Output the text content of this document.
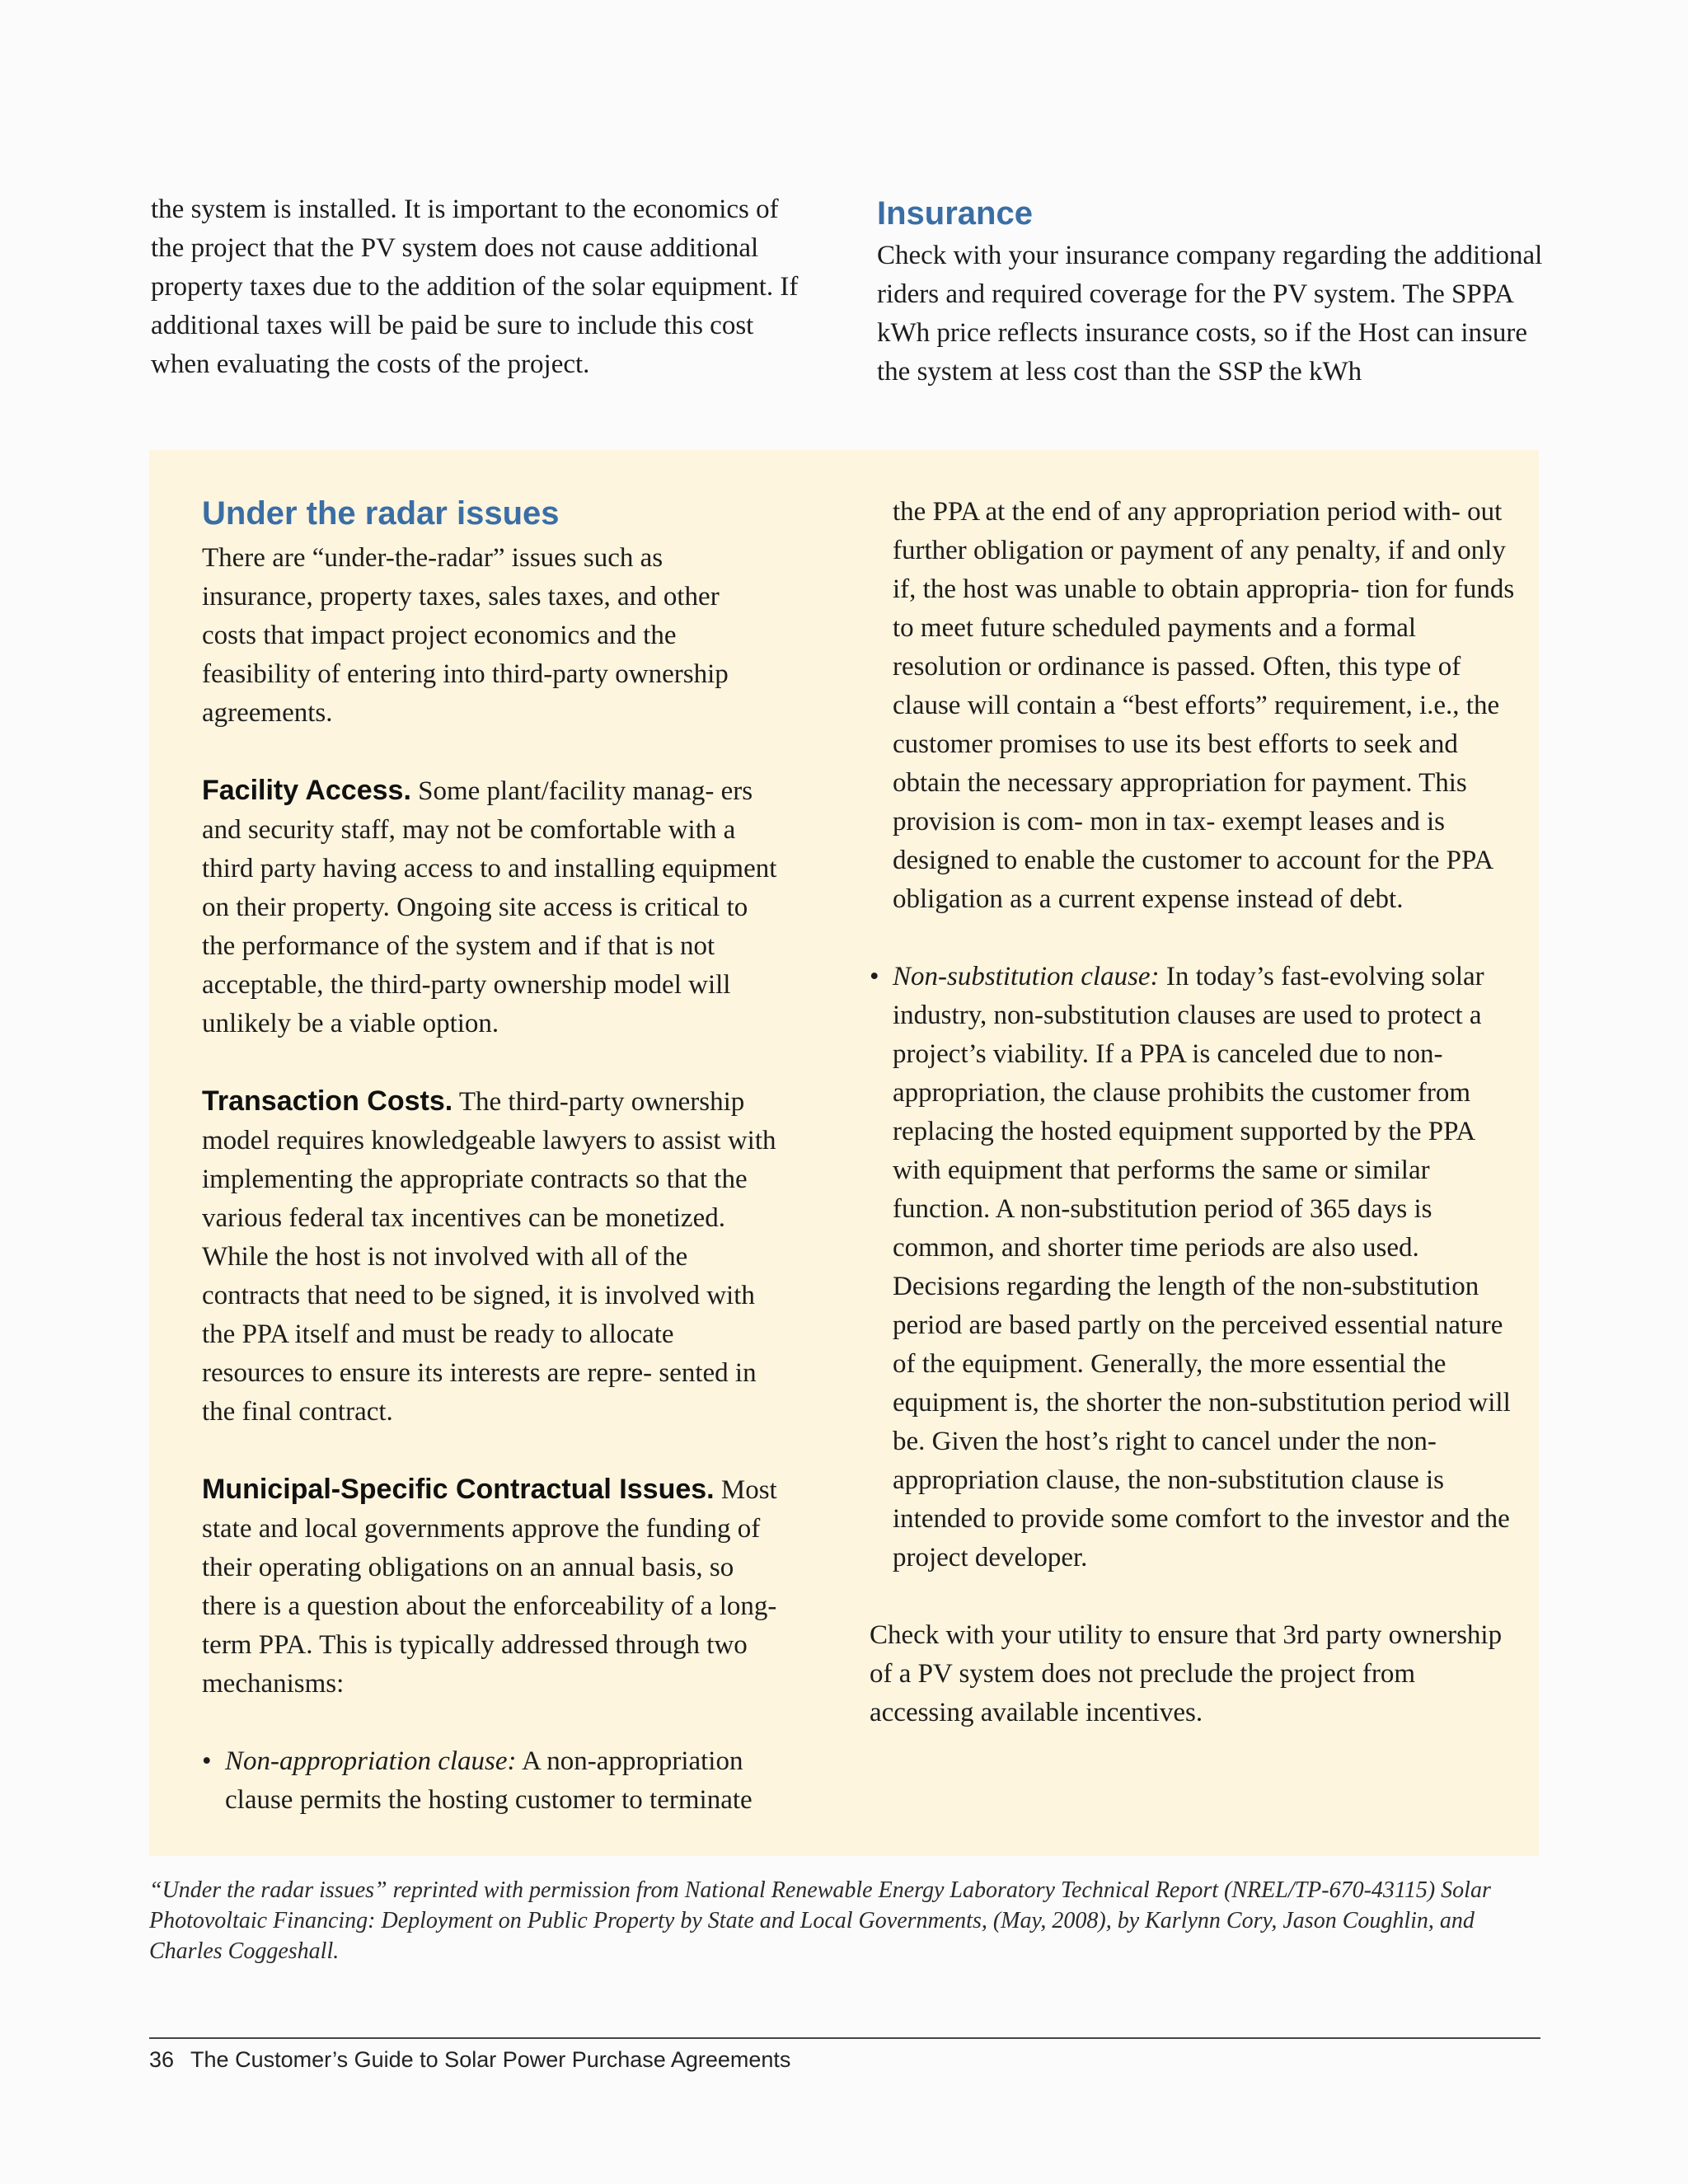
the system is installed. It is important to the economics of the project that the PV system does not cause additional property taxes due to the addition of the solar equipment. If additional taxes will be paid be sure to include this cost when evaluating the costs of the project.

Insurance

Check with your insurance company regarding the additional riders and required coverage for the PV system. The SPPA kWh price reflects insurance costs, so if the Host can insure the system at less cost than the SSP the kWh

Under the radar issues

There are “under-the-radar” issues such as insurance, property taxes, sales taxes, and other costs that impact project economics and the feasibility of entering into third-party ownership agreements.

Facility Access. Some plant/facility manag- ers and security staff, may not be comfortable with a third party having access to and installing equipment on their property. Ongoing site access is critical to the performance of the system and if that is not acceptable, the third-party ownership model will unlikely be a viable option.

Transaction Costs. The third-party ownership model requires knowledgeable lawyers to assist with implementing the appropriate contracts so that the various federal tax incentives can be monetized. While the host is not involved with all of the contracts that need to be signed, it is involved with the PPA itself and must be ready to allocate resources to ensure its interests are repre- sented in the final contract.

Municipal-Specific Contractual Issues. Most state and local governments approve the funding of their operating obligations on an annual basis, so there is a question about the enforceability of a long-term PPA. This is typically addressed through two mechanisms:

• Non-appropriation clause: A non-appropriation clause permits the hosting customer to terminate

the PPA at the end of any appropriation period with- out further obligation or payment of any penalty, if and only if, the host was unable to obtain appropria- tion for funds to meet future scheduled payments and a formal resolution or ordinance is passed. Often, this type of clause will contain a “best efforts” requirement, i.e., the customer promises to use its best efforts to seek and obtain the necessary appropriation for payment. This provision is com- mon in tax- exempt leases and is designed to enable the customer to account for the PPA obligation as a current expense instead of debt.

• Non-substitution clause: In today’s fast-evolving solar industry, non-substitution clauses are used to protect a project’s viability. If a PPA is canceled due to non-appropriation, the clause prohibits the customer from replacing the hosted equipment supported by the PPA with equipment that performs the same or similar function. A non-substitution period of 365 days is common, and shorter time periods are also used. Decisions regarding the length of the non-substitution period are based partly on the perceived essential nature of the equipment. Generally, the more essential the equipment is, the shorter the non-substitution period will be. Given the host’s right to cancel under the non- appropriation clause, the non-substitution clause is intended to provide some comfort to the investor and the project developer.

Check with your utility to ensure that 3rd party ownership of a PV system does not preclude the project from accessing available incentives.

“Under the radar issues” reprinted with permission from National Renewable Energy Laboratory Technical Report (NREL/TP-670-43115) Solar Photovoltaic Financing: Deployment on Public Property by State and Local Governments, (May, 2008), by Karlynn Cory, Jason Coughlin, and Charles Coggeshall.

36 The Customer’s Guide to Solar Power Purchase Agreements
